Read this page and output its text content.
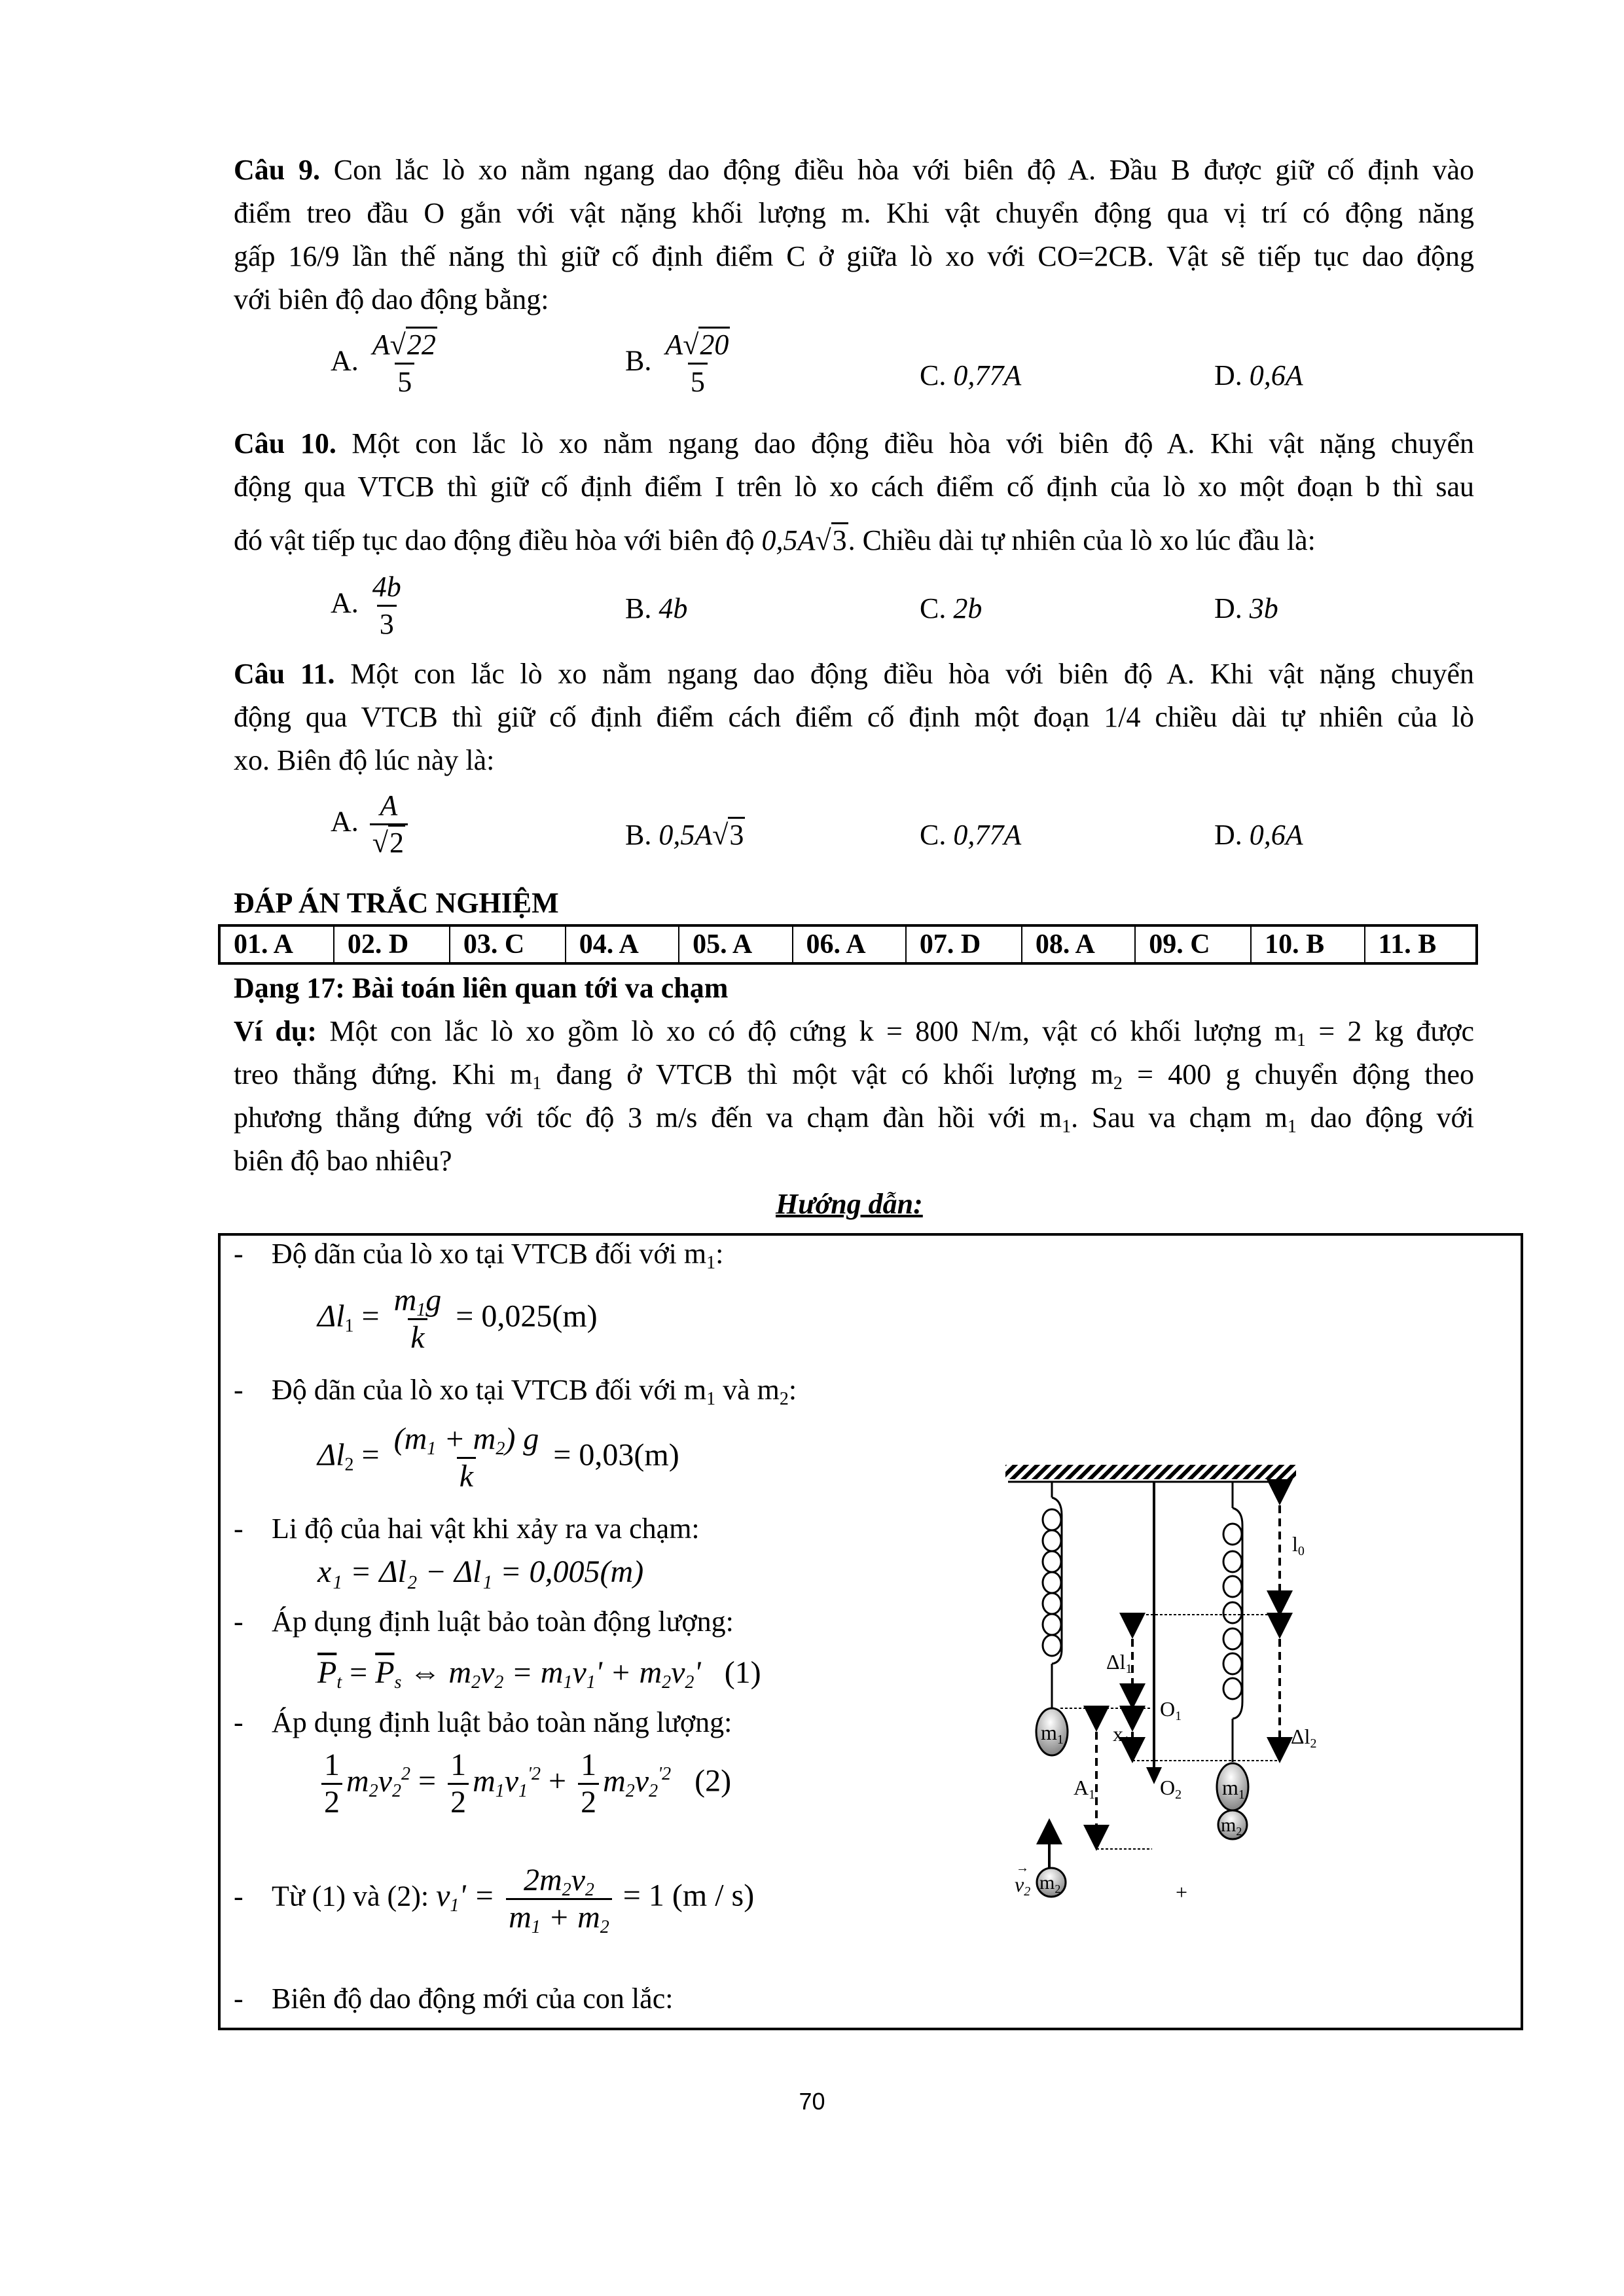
Câu 9. Con lắc lò xo nằm ngang dao động điều hòa với biên độ A. Đầu B được giữ cố định vào
điểm treo đầu O gắn với vật nặng khối lượng m. Khi vật chuyển động qua vị trí có động năng
gấp 16/9 lần thế năng thì giữ cố định điểm C ở giữa lò xo với CO=2CB. Vật sẽ tiếp tục dao động
với biên độ dao động bằng:
A. $\frac{A√22}{5}$	B. $\frac{A√20}{5}$	C. 0,77A	D. 0,6A
Câu 10. Một con lắc lò xo nằm ngang dao động điều hòa với biên độ A. Khi vật nặng chuyển
động qua VTCB thì giữ cố định điểm I trên lò xo cách điểm cố định của lò xo một đoạn b thì sau
đó vật tiếp tục dao động điều hòa với biên độ 0,5A√3. Chiều dài tự nhiên của lò xo lúc đầu là:
A. $\frac{4b}{3}$	B. 4b	C. 2b	D. 3b
Câu 11. Một con lắc lò xo nằm ngang dao động điều hòa với biên độ A. Khi vật nặng chuyển
động qua VTCB thì giữ cố định điểm cách điểm cố định một đoạn 1/4 chiều dài tự nhiên của lò
xo. Biên độ lúc này là:
A. $\frac{A}{√2}$	B. 0,5A√3	C. 0,77A	D. 0,6A
ĐÁP ÁN TRẮC NGHIỆM
01. A	02. D	03. C	04. A	05. A	06. A	07. D	08. A	09. C	10. B	11. B
Dạng 17: Bài toán liên quan tới va chạm
Ví dụ: Một con lắc lò xo gồm lò xo có độ cứng k = 800 N/m, vật có khối lượng $m_1 = 2$ kg được
treo thẳng đứng. Khi $m_1$ đang ở VTCB thì một vật có khối lượng $m_2 = 400$ g chuyển động theo
phương thẳng đứng với tốc độ 3 m/s đến va chạm đàn hồi với $m_1$. Sau va chạm $m_1$ dao động với
biên độ bao nhiêu?
Hướng dẫn:
- Độ dãn của lò xo tại VTCB đối với $m_1$:
$\Delta l_1 = \frac{m_1g}{k} = 0,025(m)$
- Độ dãn của lò xo tại VTCB đối với $m_1$ và $m_2$:
$\Delta l_2 = \frac{(m_1 + m_2) g}{k} = 0,03(m)$
- Li độ của hai vật khi xảy ra va chạm:
x₁ = Δl₂ − Δl₁ = 0,005(m)
- Áp dụng định luật bảo toàn động lượng:
$\overline{P}_t = \overline{P}_s$ ⇔ $m_2v_2 = m_1v_1' + m_2v_2'$ (1)
- Áp dụng định luật bảo toàn năng lượng:
$\frac{1}{2} m_2v_2^2 = \frac{1}{2} m_1v_1^{'2} + \frac{1}{2} m_2v_2^{'2}$ (2)
- Từ (1) và (2): $v_1' = \frac{2m_2v_2}{m_1 + m_2} = 1$ (m / s)
- Biên độ dao động mới của con lắc:
m1
m1
$m_2$
$m_2$
v2
→
l0
Δl1
Δl2
x1
A1
O1
O2
+
70
